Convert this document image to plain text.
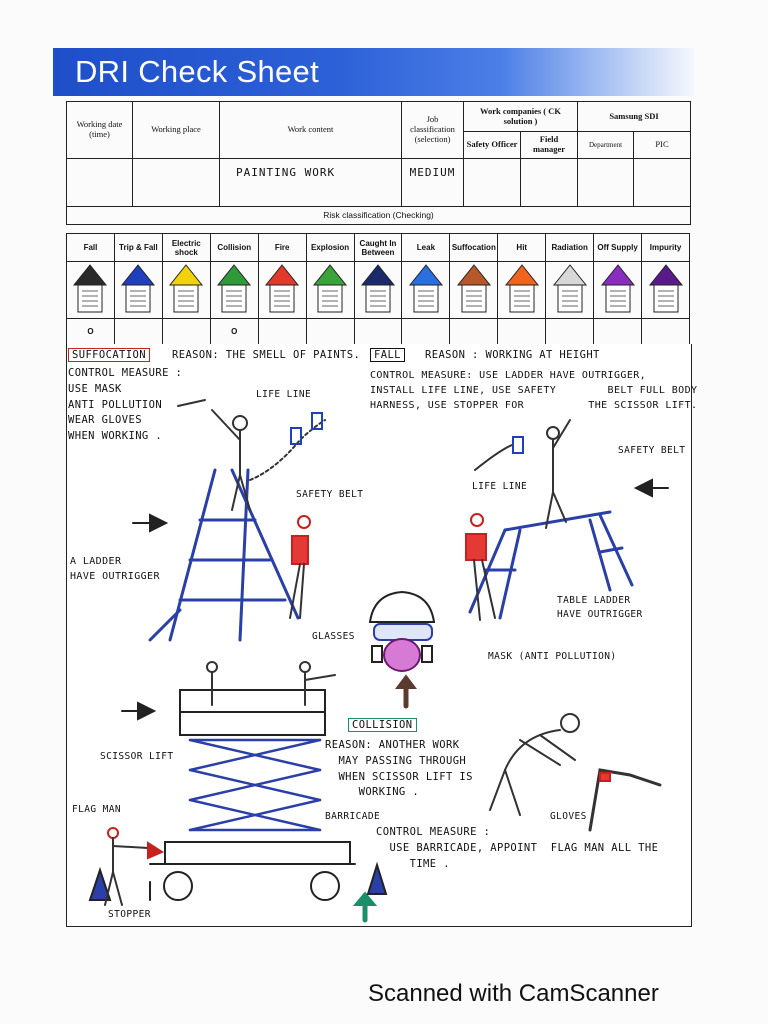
DRI Check Sheet
Working date (time)	Working place	Work content	Job classification (selection)	Work companies ( CK solution )		Samsung SDI	
				Safety Officer	Field manager	Department	PIC
		PAINTING WORK	MEDIUM				
Risk classification (Checking)							
Fall	Trip & Fall	Electric shock	Collision	Fire	Explosion	Caught In Between	Leak	Suffocation	Hit	Radiation	Off Supply	Impurity

O			O									
SUFFOCATION	REASON: THE SMELL OF PAINTS.
CONTROL MEASURE :
USE MASK
ANTI POLLUTION
WEAR GLOVES
WHEN WORKING .
FALL	REASON : WORKING AT HEIGHT
CONTROL MEASURE: USE LADDER HAVE OUTRIGGER,
INSTALL LIFE LINE, USE SAFETY        BELT FULL BODY
HARNESS, USE STOPPER FOR          THE SCISSOR LIFT.
COLLISION
REASON: ANOTHER WORK
MAY PASSING THROUGH
WHEN SCISSOR LIFT IS
WORKING .
CONTROL MEASURE :
USE BARRICADE, APPOINT  FLAG MAN ALL THE
TIME .
LIFE LINE
SAFETY BELT
A LADDER
HAVE OUTRIGGER
SAFETY BELT
LIFE LINE
TABLE LADDER
HAVE OUTRIGGER
GLASSES
MASK (ANTI POLLUTION)
SCISSOR LIFT
FLAG MAN
BARRICADE	GLOVES
STOPPER
Scanned with CamScanner
